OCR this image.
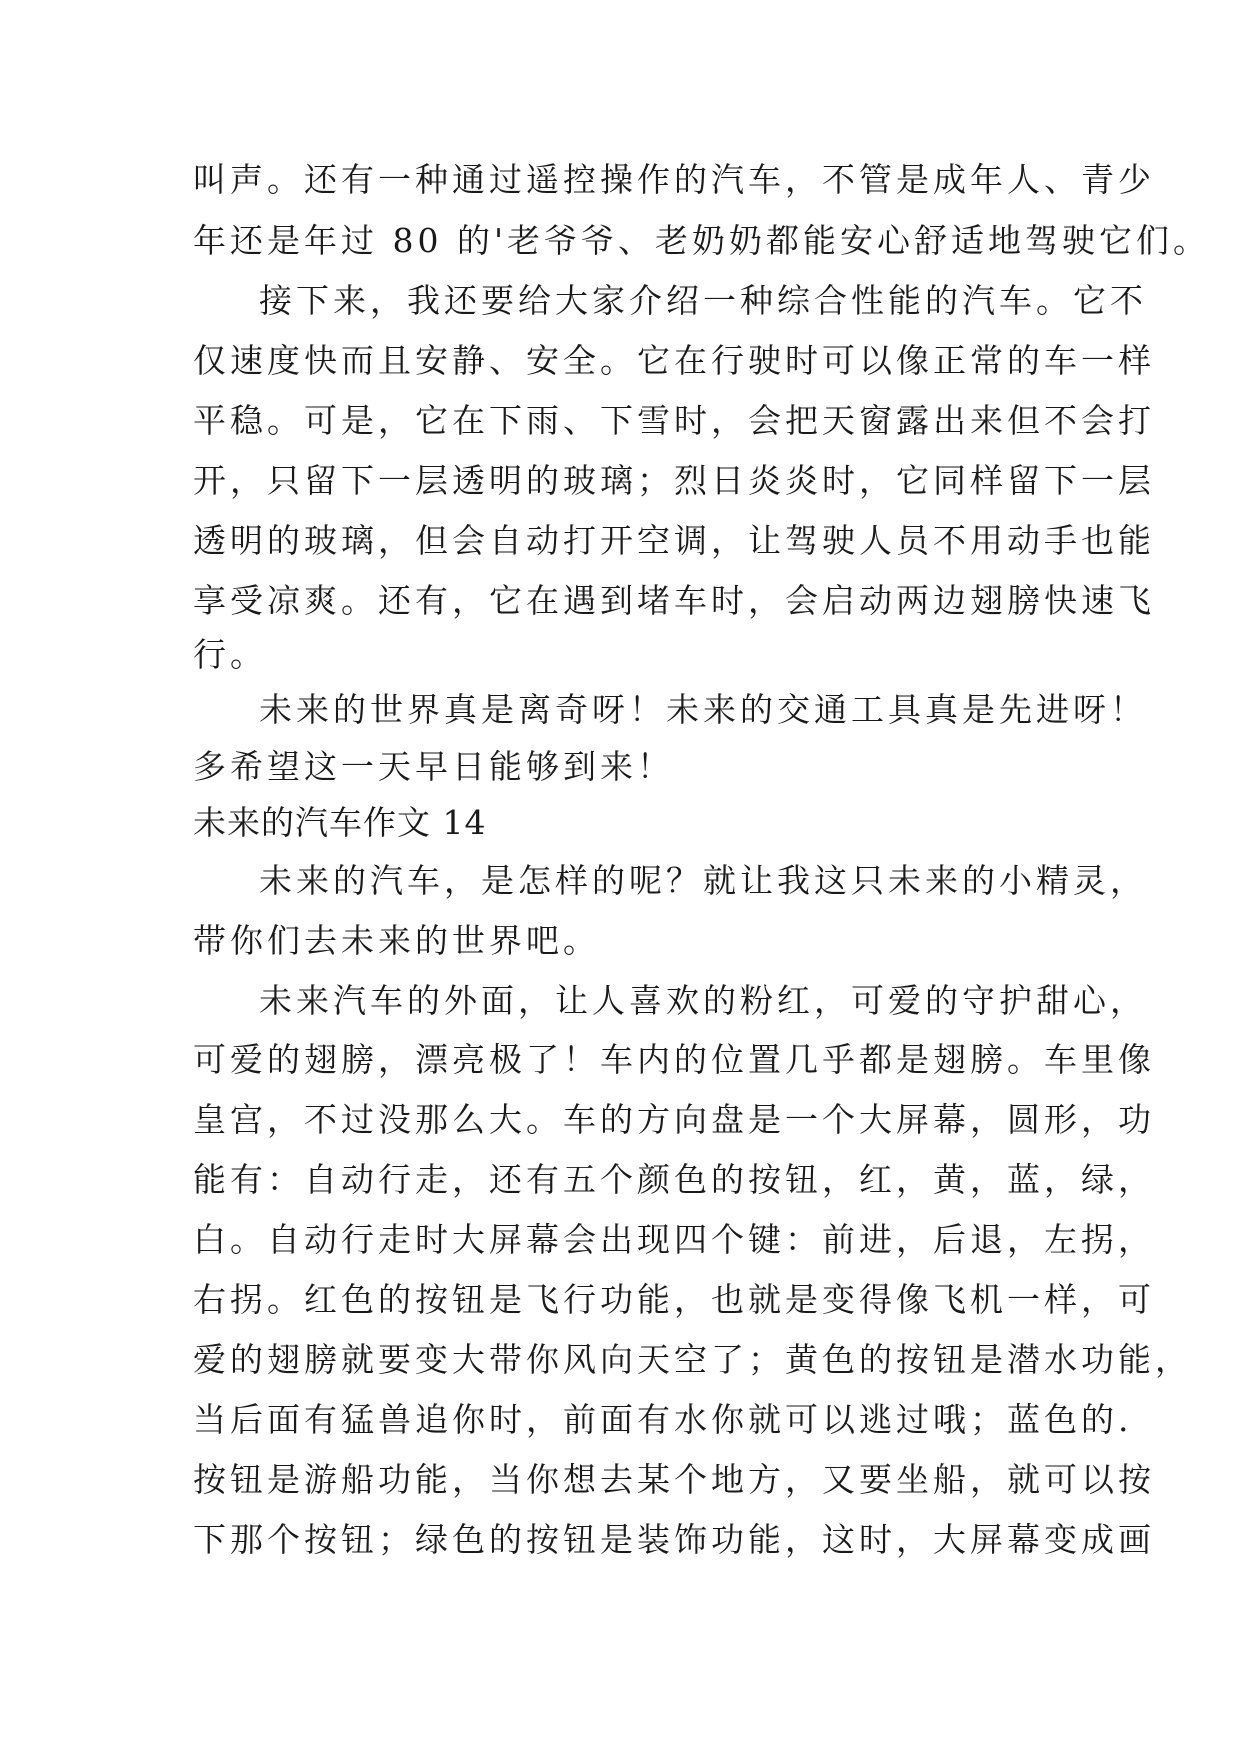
叫声。还有一种通过遥控操作的汽车，不管是成年人、青少

年还是年过 80 的'老爷爷、老奶奶都能安心舒适地驾驶它们。

接下来，我还要给大家介绍一种综合性能的汽车。它不

仅速度快而且安静、安全。它在行驶时可以像正常的车一样

平稳。可是，它在下雨、下雪时，会把天窗露出来但不会打

开，只留下一层透明的玻璃；烈日炎炎时，它同样留下一层

透明的玻璃，但会自动打开空调，让驾驶人员不用动手也能

享受凉爽。还有，它在遇到堵车时，会启动两边翅膀快速飞

行。

未来的世界真是离奇呀！未来的交通工具真是先进呀！

多希望这一天早日能够到来！

未来的汽车作文 14

未来的汽车，是怎样的呢？就让我这只未来的小精灵，

带你们去未来的世界吧。

未来汽车的外面，让人喜欢的粉红，可爱的守护甜心，

可爱的翅膀，漂亮极了！车内的位置几乎都是翅膀。车里像

皇宫，不过没那么大。车的方向盘是一个大屏幕，圆形，功

能有：自动行走，还有五个颜色的按钮，红，黄，蓝，绿，

白。自动行走时大屏幕会出现四个键：前进，后退，左拐，

右拐。红色的按钮是飞行功能，也就是变得像飞机一样，可

爱的翅膀就要变大带你风向天空了；黄色的按钮是潜水功能，

当后面有猛兽追你时，前面有水你就可以逃过哦；蓝色的.

按钮是游船功能，当你想去某个地方，又要坐船，就可以按

下那个按钮；绿色的按钮是装饰功能，这时，大屏幕变成画
